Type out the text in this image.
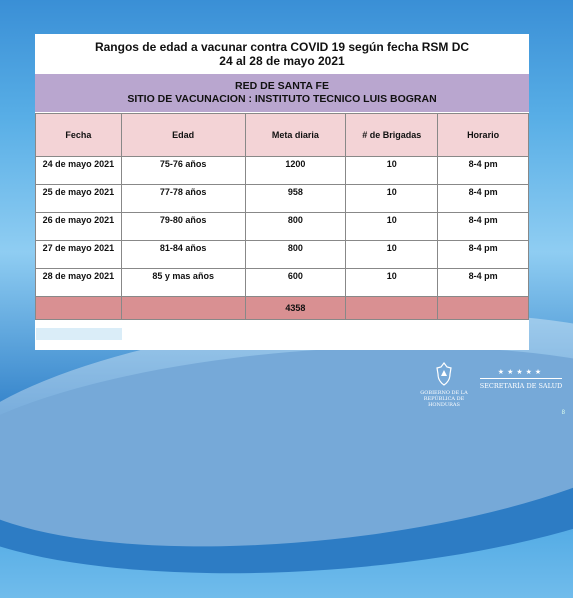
Rangos de edad a vacunar contra COVID 19 según fecha RSM DC
24 al 28 de mayo 2021
RED DE SANTA FE
SITIO DE VACUNACION : INSTITUTO TECNICO LUIS BOGRAN
Fecha	Edad	Meta diaria	# de Brigadas	Horario
24 de mayo 2021	75-76 años	1200	10	8-4 pm

25 de mayo 2021	77-78 años	958	10	8-4 pm

26 de mayo 2021	79-80 años	800	10	8-4 pm

27 de mayo 2021	81-84 años	800	10	8-4 pm

28 de mayo 2021	85 y mas años	600	10	8-4 pm

		4358		
GOBIERNO DE LA
REPÚBLICA DE HONDURAS
★★★★★
SECRETARÍA DE SALUD
8
